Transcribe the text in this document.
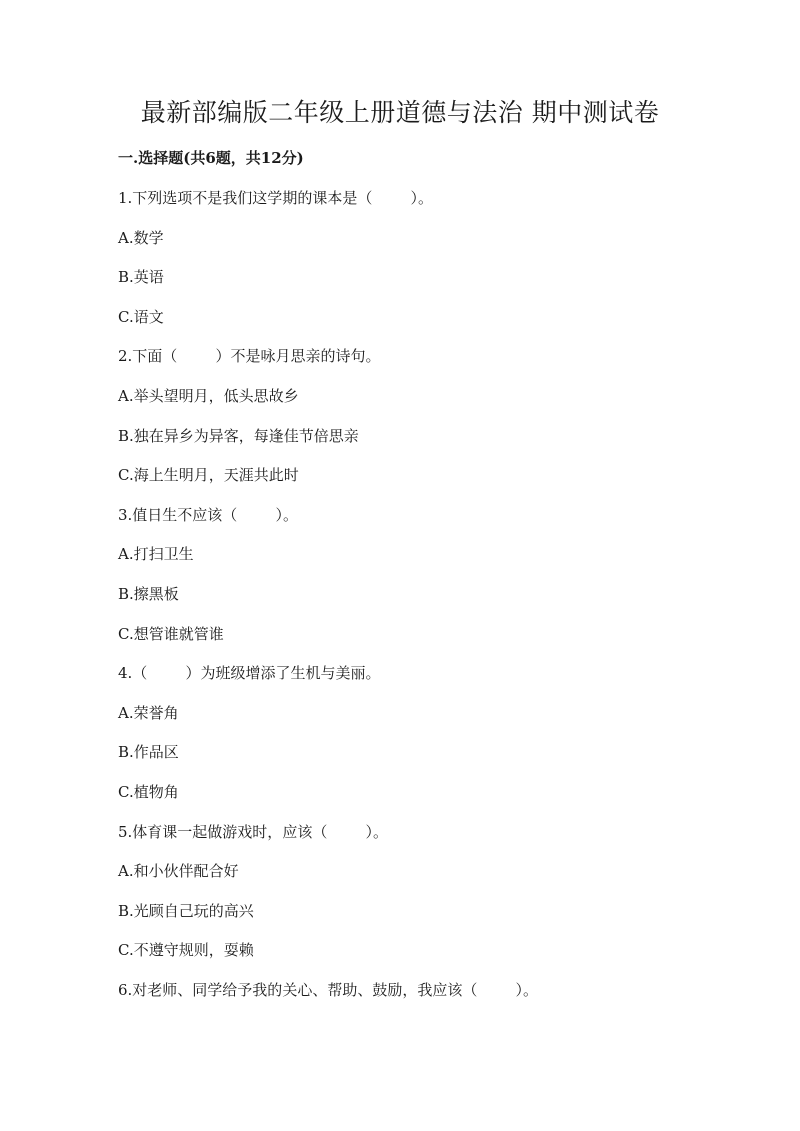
最新部编版二年级上册道德与法治 期中测试卷
一.选择题(共6题，共12分)
1.下列选项不是我们这学期的课本是（        ）。
A.数学
B.英语
C.语文
2.下面（        ）不是咏月思亲的诗句。
A.举头望明月，低头思故乡
B.独在异乡为异客，每逢佳节倍思亲
C.海上生明月，天涯共此时
3.值日生不应该（        ）。
A.打扫卫生
B.擦黑板
C.想管谁就管谁
4.（        ）为班级增添了生机与美丽。
A.荣誉角
B.作品区
C.植物角
5.体育课一起做游戏时，应该（        ）。
A.和小伙伴配合好
B.光顾自己玩的高兴
C.不遵守规则，耍赖
6.对老师、同学给予我的关心、帮助、鼓励，我应该（        ）。
